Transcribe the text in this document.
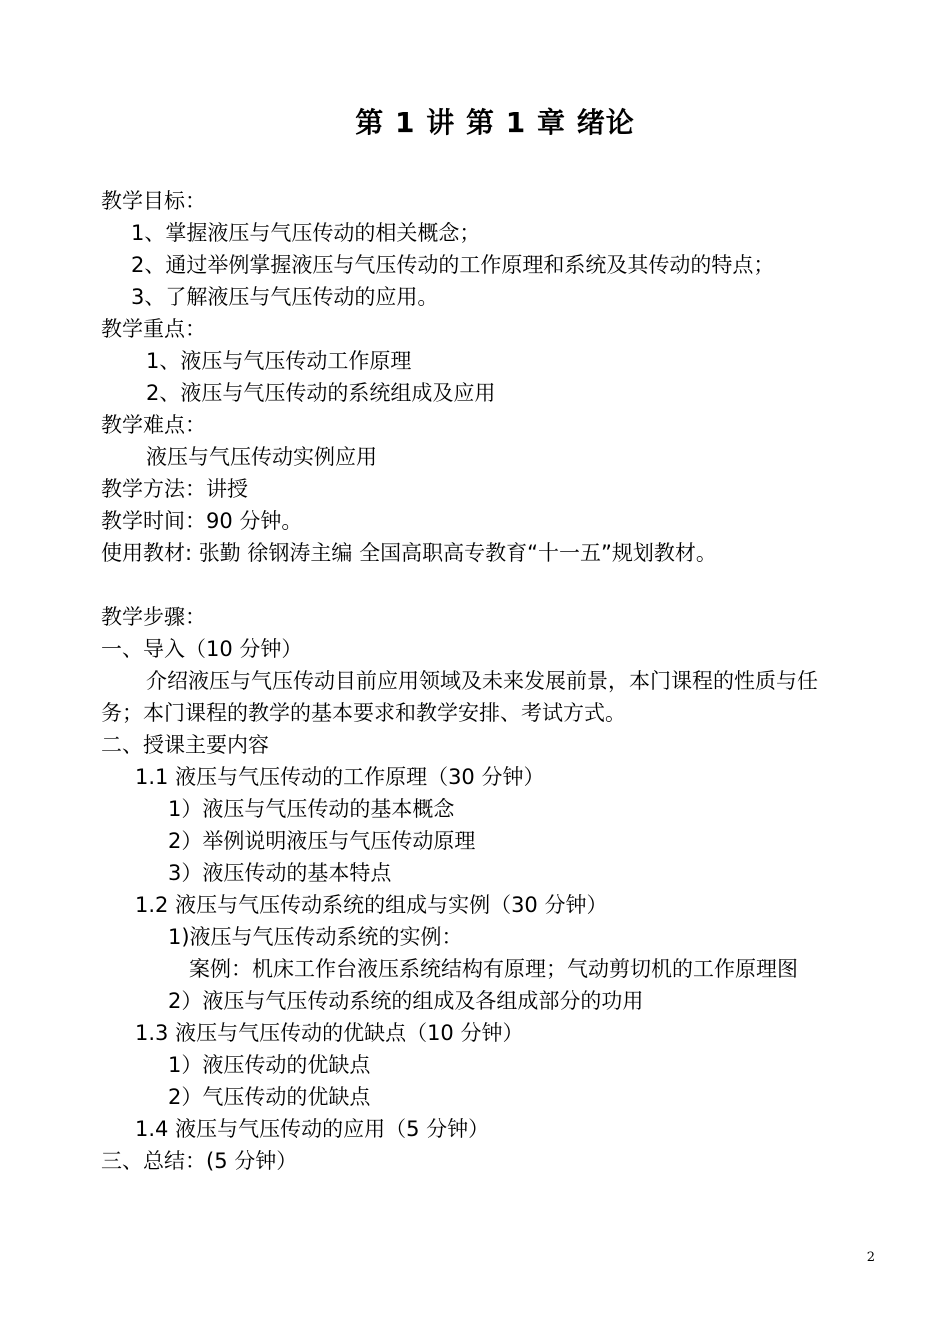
第 1 讲 第 1 章 绪论
教学目标：
1、掌握液压与气压传动的相关概念；
2、通过举例掌握液压与气压传动的工作原理和系统及其传动的特点；
3、了解液压与气压传动的应用。
教学重点：
1、液压与气压传动工作原理
2、液压与气压传动的系统组成及应用
教学难点：
液压与气压传动实例应用
教学方法：讲授
教学时间：90 分钟。
使用教材: 张勤 徐钢涛主编 全国高职高专教育“十一五”规划教材。
教学步骤：
一、导入（10 分钟）
介绍液压与气压传动目前应用领域及未来发展前景，本门课程的性质与任
务；本门课程的教学的基本要求和教学安排、考试方式。
二、授课主要内容
1.1 液压与气压传动的工作原理（30 分钟）
1）液压与气压传动的基本概念
2）举例说明液压与气压传动原理
3）液压传动的基本特点
1.2 液压与气压传动系统的组成与实例（30 分钟）
1)液压与气压传动系统的实例：
案例：机床工作台液压系统结构有原理；气动剪切机的工作原理图
2）液压与气压传动系统的组成及各组成部分的功用
1.3 液压与气压传动的优缺点（10 分钟）
1）液压传动的优缺点
2）气压传动的优缺点
1.4 液压与气压传动的应用（5 分钟）
三、总结：(5 分钟）
2
